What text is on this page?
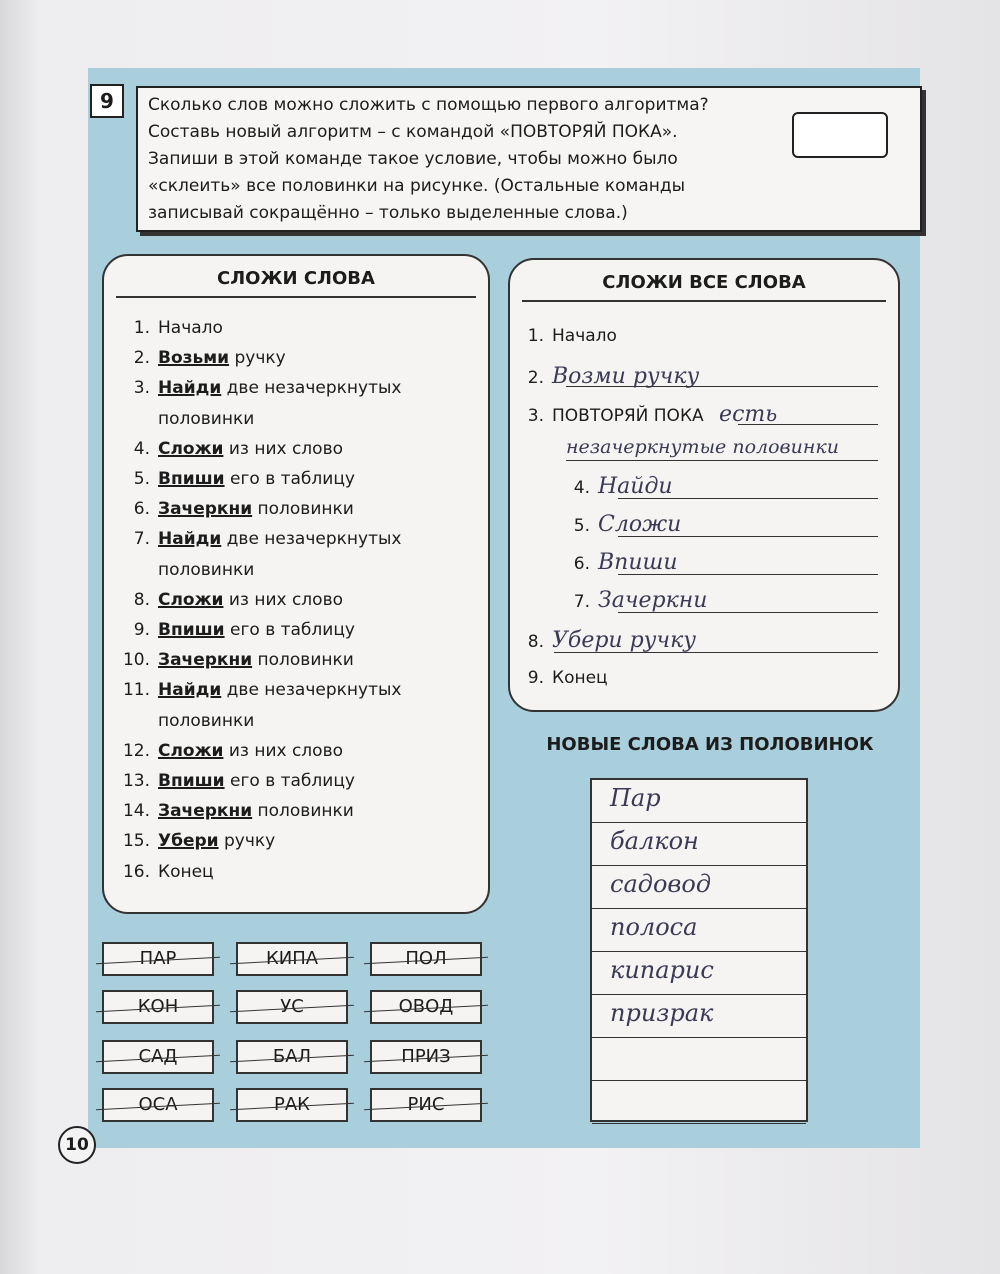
9	Сколько слов можно сложить с помощью первого алгоритма?
Составь новый алгоритм – с командой «ПОВТОРЯЙ ПОКА».
Запиши в этой команде такое условие, чтобы можно было
«склеить» все половинки на рисунке. (Остальные команды
записывай сокращённо – только выделенные слова.)
СЛОЖИ СЛОВА
1. Начало
2. Возьми ручку
3. Найди две незачеркнутых
половинки
4. Сложи из них слово
5. Впиши его в таблицу
6. Зачеркни половинки
7. Найди две незачеркнутых
половинки
8. Сложи из них слово
9. Впиши его в таблицу
10. Зачеркни половинки
11. Найди две незачеркнутых
половинки
12. Сложи из них слово
13. Впиши его в таблицу
14. Зачеркни половинки
15. Убери ручку
16. Конец
СЛОЖИ ВСЕ СЛОВА
1. Начало
2. Возми ручку
3. ПОВТОРЯЙ ПОКА есть
незачеркнутые половинки
4. Найди
5. Сложи
6. Впиши
7. Зачеркни
8. Убери ручку
9. Конец
НОВЫЕ СЛОВА ИЗ ПОЛОВИНОК
Пар
балкон
садовод
полоса
кипарис
призрак
ПАР	КИПА	ПОЛ
КОН	УС	ОВОД
САД	БАЛ	ПРИЗ
ОСА	РАК	РИС
10
